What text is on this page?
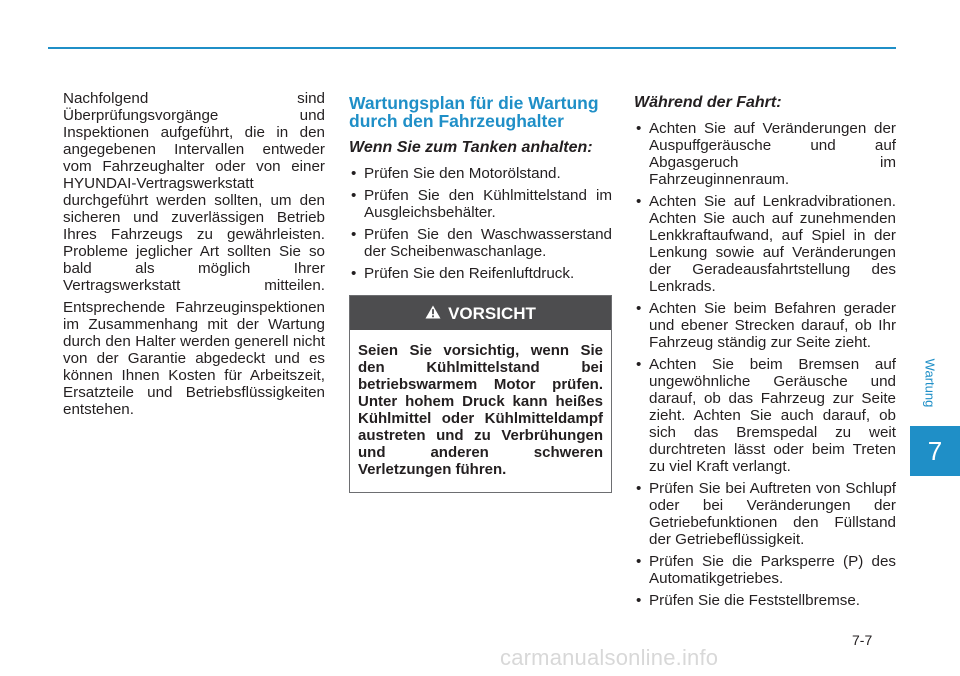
Nachfolgend sind Überprüfungsvorgänge und Inspektionen aufgeführt, die in den angegebenen Intervallen entweder vom Fahrzeughalter oder von einer HYUNDAI-Vertragswerkstatt durchgeführt werden sollten, um den sicheren und zuverlässigen Betrieb Ihres Fahrzeugs zu gewährleisten. Probleme jeglicher Art sollten Sie so bald als möglich Ihrer Vertragswerkstatt mitteilen.

Entsprechende Fahrzeuginspektionen im Zusammenhang mit der Wartung durch den Halter werden generell nicht von der Garantie abgedeckt und es können Ihnen Kosten für Arbeitszeit, Ersatzteile und Betriebsflüssigkeiten entstehen.

Wartungsplan für die Wartung durch den Fahrzeughalter
Wenn Sie zum Tanken anhalten:
• Prüfen Sie den Motorölstand.
• Prüfen Sie den Kühlmittelstand im Ausgleichsbehälter.
• Prüfen Sie den Waschwasserstand der Scheibenwaschanlage.
• Prüfen Sie den Reifenluftdruck.
VORSICHT
Seien Sie vorsichtig, wenn Sie den Kühlmittelstand bei betriebswarmem Motor prüfen. Unter hohem Druck kann heißes Kühlmittel oder Kühlmitteldampf austreten und zu Verbrühungen und anderen schweren Verletzungen führen.
Während der Fahrt:
• Achten Sie auf Veränderungen der Auspuffgeräusche und auf Abgasgeruch im Fahrzeuginnenraum.
• Achten Sie auf Lenkradvibrationen. Achten Sie auch auf zunehmenden Lenkkraftaufwand, auf Spiel in der Lenkung sowie auf Veränderungen der Geradeausfahrtstellung des Lenkrads.
• Achten Sie beim Befahren gerader und ebener Strecken darauf, ob Ihr Fahrzeug ständig zur Seite zieht.
• Achten Sie beim Bremsen auf ungewöhnliche Geräusche und darauf, ob das Fahrzeug zur Seite zieht. Achten Sie auch darauf, ob sich das Bremspedal zu weit durchtreten lässt oder beim Treten zu viel Kraft verlangt.
• Prüfen Sie bei Auftreten von Schlupf oder bei Veränderungen der Getriebefunktionen den Füllstand der Getriebeflüssigkeit.
• Prüfen Sie die Parksperre (P) des Automatikgetriebes.
• Prüfen Sie die Feststellbremse.
Wartung
7
7-7
carmanualsonline.info
